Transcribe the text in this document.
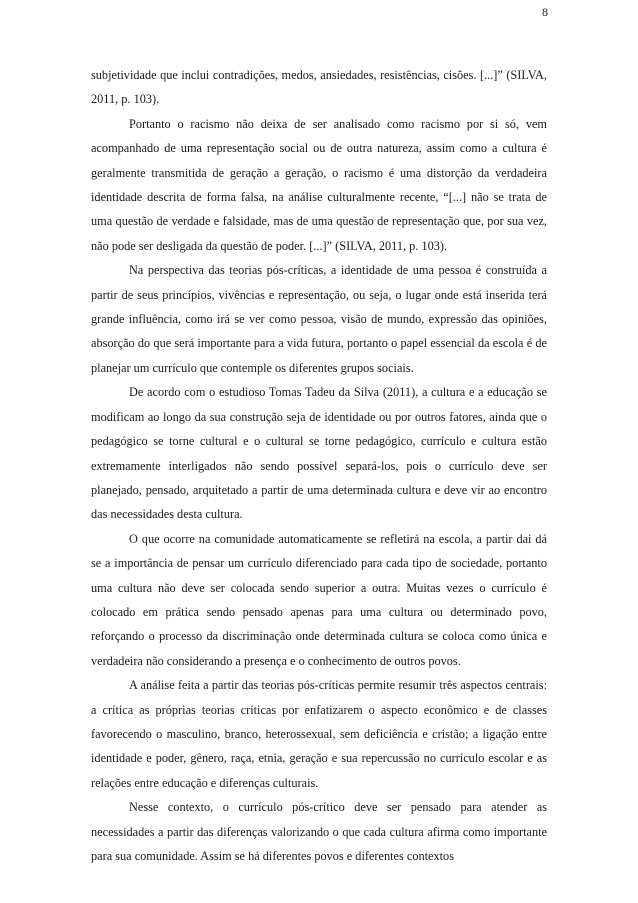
8

subjetividade que inclui contradições, medos, ansiedades, resistências, cisões. [...]” (SILVA, 2011, p. 103).

Portanto o racismo não deixa de ser analisado como racismo por si só, vem acompanhado de uma representação social ou de outra natureza, assim como a cultura é geralmente transmitida de geração a geração, o racismo é uma distorção da verdadeira identidade descrita de forma falsa, na análise culturalmente recente, “[...] não se trata de uma questão de verdade e falsidade, mas de uma questão de representação que, por sua vez, não pode ser desligada da questão de poder. [...]” (SILVA, 2011, p. 103).

Na perspectiva das teorias pós-críticas, a identidade de uma pessoa é construída a partir de seus princípios, vivências e representação, ou seja, o lugar onde está inserida terá grande influência, como irá se ver como pessoa, visão de mundo, expressão das opiniões, absorção do que será importante para a vida futura, portanto o papel essencial da escola é de planejar um currículo que contemple os diferentes grupos sociais.

De acordo com o estudioso Tomas Tadeu da Silva (2011), a cultura e a educação se modificam ao longo da sua construção seja de identidade ou por outros fatores, ainda que o pedagógico se torne cultural e o cultural se torne pedagógico, currículo e cultura estão extremamente interligados não sendo possível separá-los, pois o currículo deve ser planejado, pensado, arquitetado a partir de uma determinada cultura e deve vir ao encontro das necessidades desta cultura.

O que ocorre na comunidade automaticamente se refletirá na escola, a partir dai dá se a importância de pensar um currículo diferenciado para cada tipo de sociedade, portanto uma cultura não deve ser colocada sendo superior a outra. Muitas vezes o currículo é colocado em prática sendo pensado apenas para uma cultura ou determinado povo, reforçando o processo da discriminação onde determinada cultura se coloca como única e verdadeira não considerando a presença e o conhecimento de outros povos.

A análise feita a partir das teorias pós-críticas permite resumir três aspectos centrais: a crítica as próprias teorias críticas por enfatizarem o aspecto econômico e de classes favorecendo o masculino, branco, heterossexual, sem deficiência e cristão; a ligação entre identidade e poder, gênero, raça, etnia, geração e sua repercussão no currículo escolar e as relações entre educação e diferenças culturais.

Nesse contexto, o currículo pós-crítico deve ser pensado para atender as necessidades a partir das diferenças valorizando o que cada cultura afirma como importante para sua comunidade. Assim se há diferentes povos e diferentes contextos
